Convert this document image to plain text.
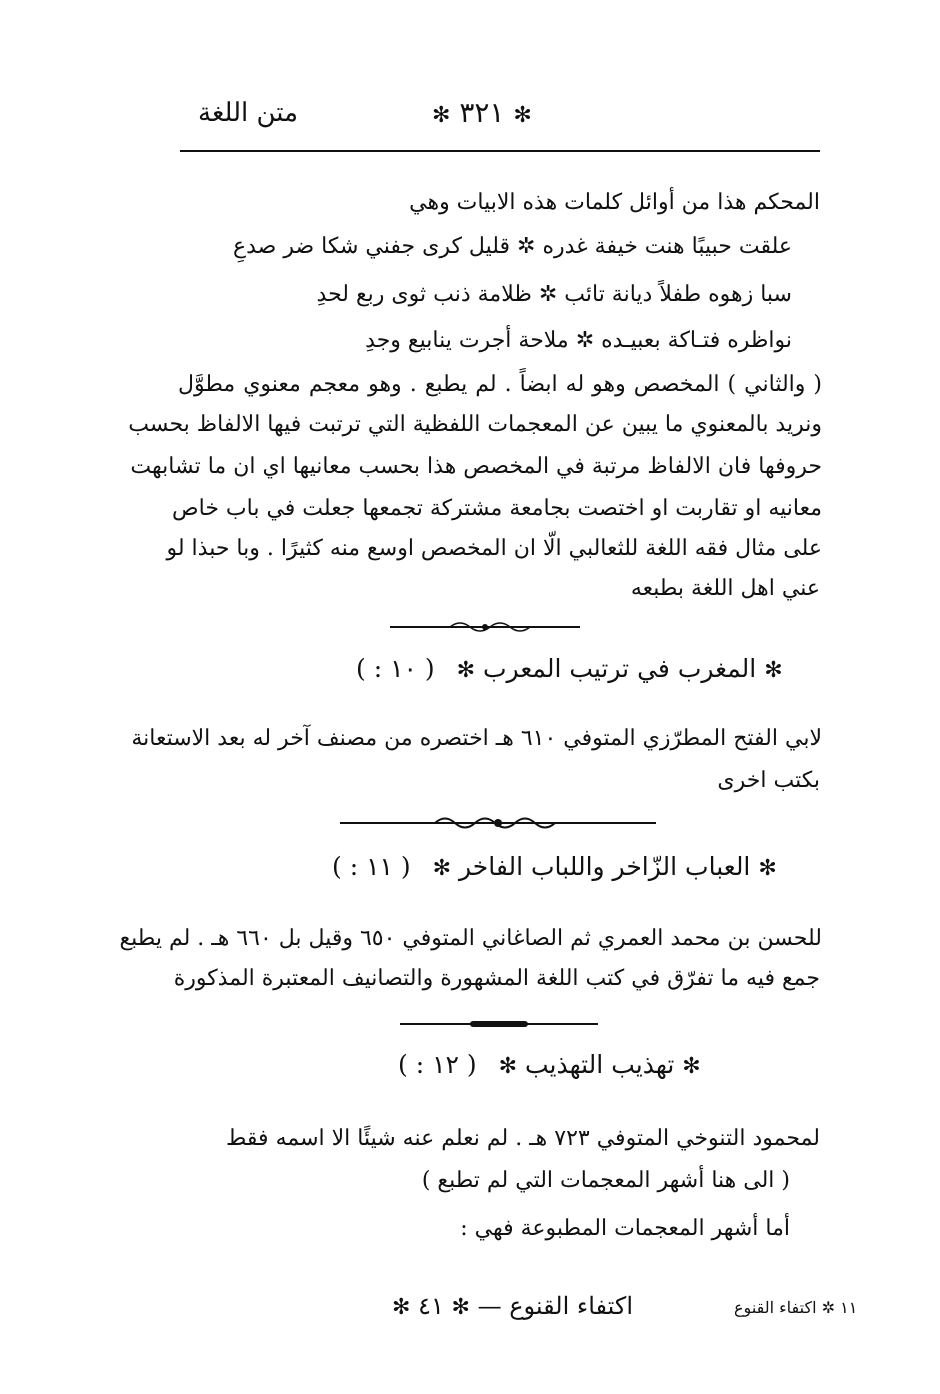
متن اللغة	✻ ٣٢١ ✻
المحكم هذا من أوائل كلمات هذه الابيات وهي
علقت حبيبًا هنت خيفة غدره ✲ قليل كرى جفني شكا ضر صدعِ
سبا زهوه طفلاً ديانة تائب ✲ ظلامة ذنب ثوى ربع لحدِ
نواظره فتـاكة بعبيـده ✲ ملاحة أجرت ينابيع وجدِ
( والثاني ) المخصص وهو له ابضاً . لم يطبع . وهو معجم معنوي مطوَّل
ونريد بالمعنوي ما يبين عن المعجمات اللفظية التي ترتبت فيها الالفاظ بحسب
حروفها فان الالفاظ مرتبة في المخصص هذا بحسب معانيها اي ان ما تشابهت
معانيه او تقاربت او اختصت بجامعة مشتركة تجمعها جعلت في باب خاص
على مثال فقه اللغة للثعالبي الّا ان المخصص اوسع منه كثيرًا . وبا حبذا لو
عني اهل اللغة بطبعه
✻ المغرب في ترتيب المعرب ✻ ( ١٠ : )
لابي الفتح المطرّزي المتوفي ٦١٠ هـ اختصره من مصنف آخر له بعد الاستعانة
بكتب اخرى
✻ العباب الزّاخر واللباب الفاخر ✻ ( ١١ : )
للحسن بن محمد العمري ثم الصاغاني المتوفي ٦٥٠ وقيل بل ٦٦٠ هـ . لم يطبع
جمع فيه ما تفرّق في كتب اللغة المشهورة والتصانيف المعتبرة المذكورة
✻ تهذيب التهذيب ✻ ( ١٢ : )
لمحمود التنوخي المتوفي ٧٢٣ هـ . لم نعلم عنه شيئًا الا اسمه فقط
( الى هنا أشهر المعجمات التي لم تطبع )
أما أشهر المعجمات المطبوعة فهي :
١١ ✲ اكتفاء القنوع
اكتفاء القنوع — ✻ ٤١ ✻
